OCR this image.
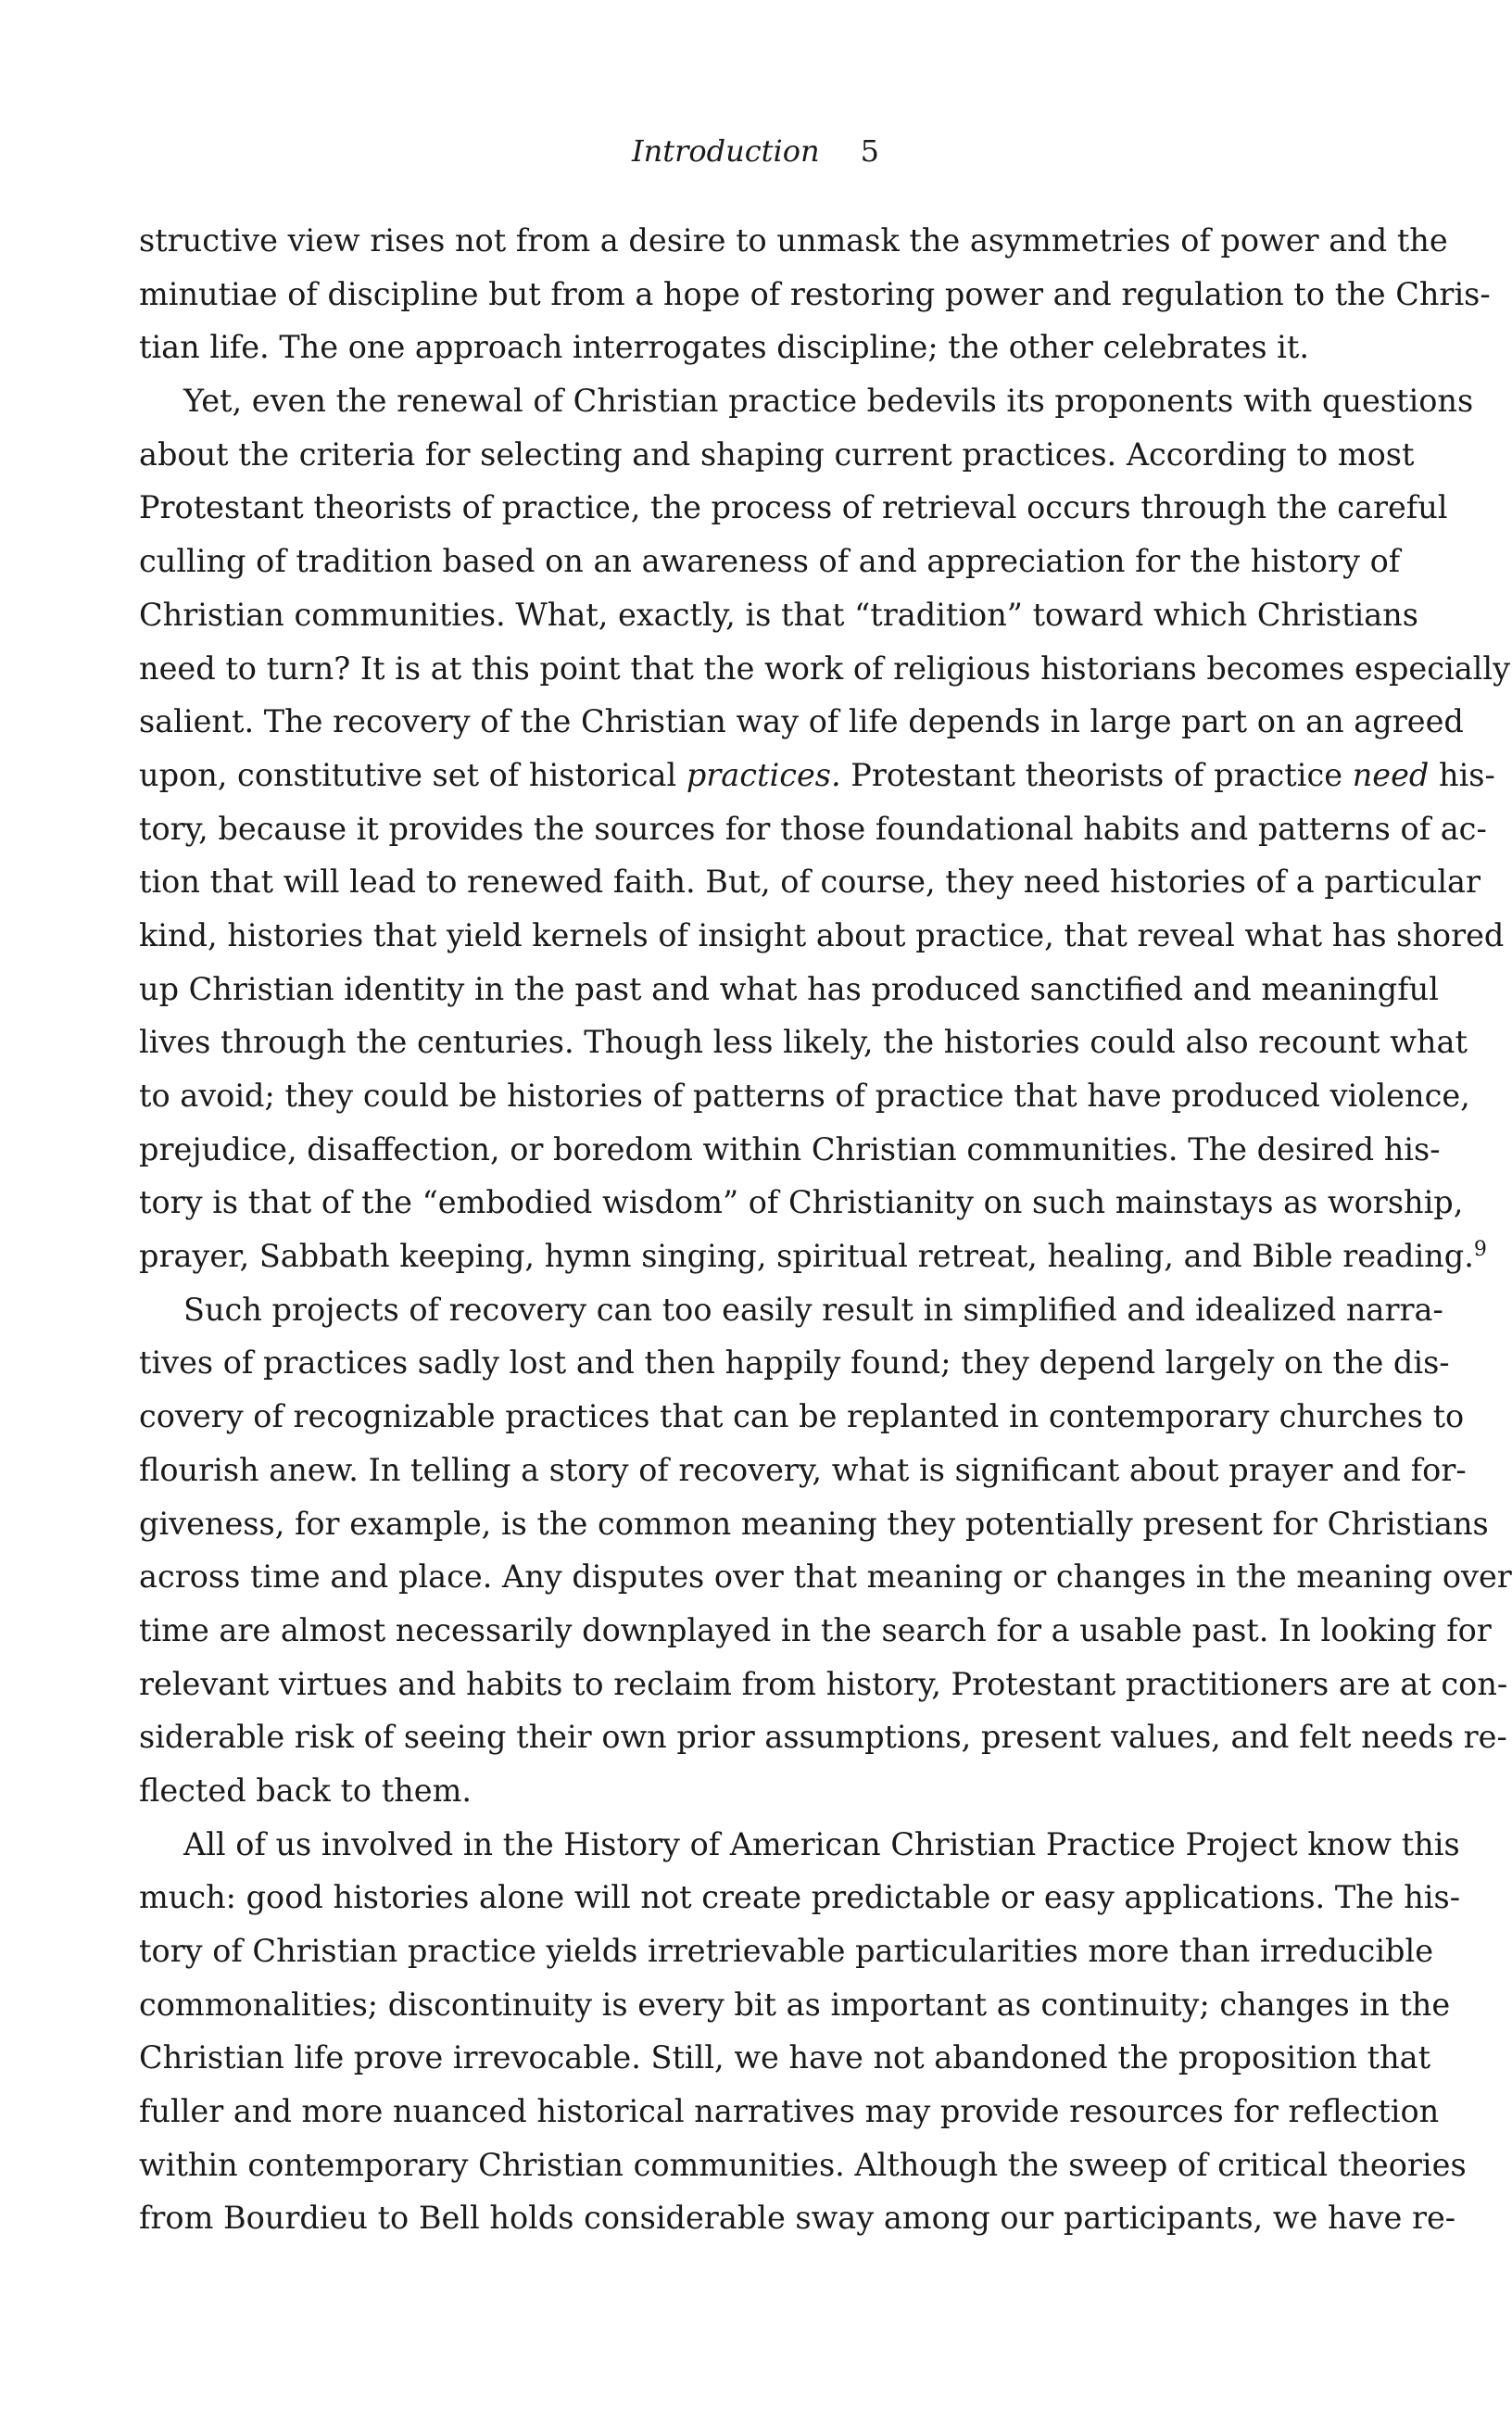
Introduction 5
structive view rises not from a desire to unmask the asymmetries of power and the
minutiae of discipline but from a hope of restoring power and regulation to the Chris-
tian life. The one approach interrogates discipline; the other celebrates it.
Yet, even the renewal of Christian practice bedevils its proponents with questions
about the criteria for selecting and shaping current practices. According to most
Protestant theorists of practice, the process of retrieval occurs through the careful
culling of tradition based on an awareness of and appreciation for the history of
Christian communities. What, exactly, is that “tradition” toward which Christians
need to turn? It is at this point that the work of religious historians becomes especially
salient. The recovery of the Christian way of life depends in large part on an agreed
upon, constitutive set of historical practices. Protestant theorists of practice need his-
tory, because it provides the sources for those foundational habits and patterns of ac-
tion that will lead to renewed faith. But, of course, they need histories of a particular
kind, histories that yield kernels of insight about practice, that reveal what has shored
up Christian identity in the past and what has produced sanctified and meaningful
lives through the centuries. Though less likely, the histories could also recount what
to avoid; they could be histories of patterns of practice that have produced violence,
prejudice, disaffection, or boredom within Christian communities. The desired his-
tory is that of the “embodied wisdom” of Christianity on such mainstays as worship,
prayer, Sabbath keeping, hymn singing, spiritual retreat, healing, and Bible reading.$^9$
Such projects of recovery can too easily result in simplified and idealized narra-
tives of practices sadly lost and then happily found; they depend largely on the dis-
covery of recognizable practices that can be replanted in contemporary churches to
flourish anew. In telling a story of recovery, what is significant about prayer and for-
giveness, for example, is the common meaning they potentially present for Christians
across time and place. Any disputes over that meaning or changes in the meaning over
time are almost necessarily downplayed in the search for a usable past. In looking for
relevant virtues and habits to reclaim from history, Protestant practitioners are at con-
siderable risk of seeing their own prior assumptions, present values, and felt needs re-
flected back to them.
All of us involved in the History of American Christian Practice Project know this
much: good histories alone will not create predictable or easy applications. The his-
tory of Christian practice yields irretrievable particularities more than irreducible
commonalities; discontinuity is every bit as important as continuity; changes in the
Christian life prove irrevocable. Still, we have not abandoned the proposition that
fuller and more nuanced historical narratives may provide resources for reflection
within contemporary Christian communities. Although the sweep of critical theories
from Bourdieu to Bell holds considerable sway among our participants, we have re-
